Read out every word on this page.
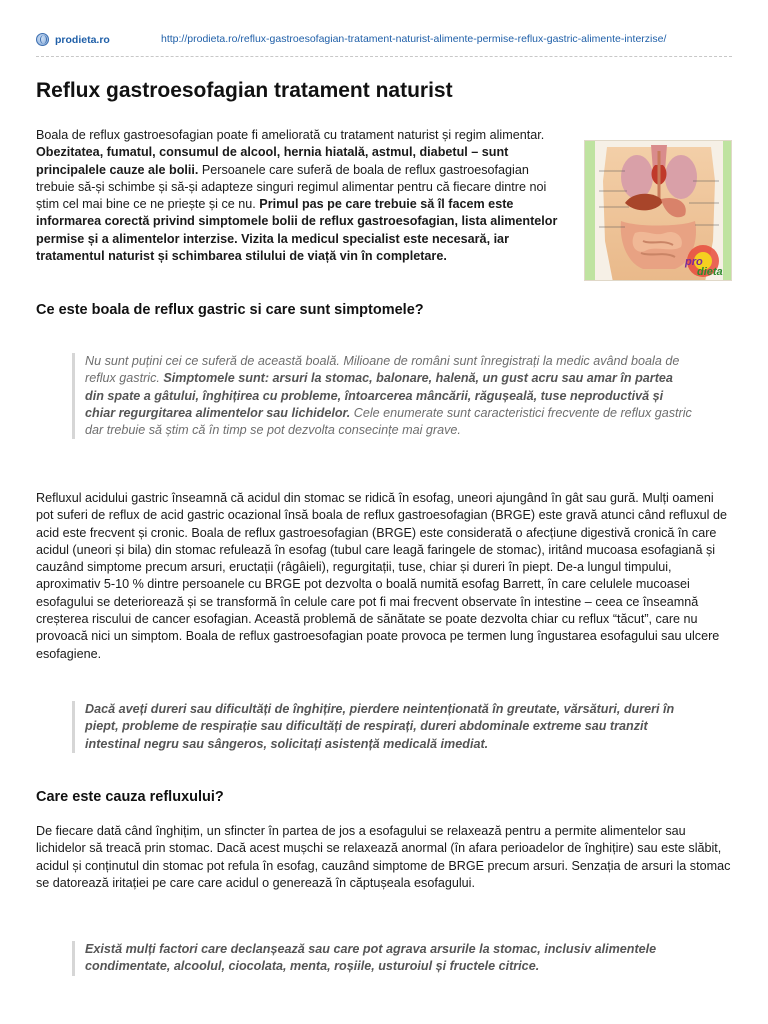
prodieta.ro	http://prodieta.ro/reflux-gastroesofagian-tratament-naturist-alimente-permise-reflux-gastric-alimente-interzise/
Reflux gastroesofagian tratament naturist

Boala de reflux gastroesofagian poate fi ameliorată cu tratament naturist și regim alimentar. Obezitatea, fumatul, consumul de alcool, hernia hiatală, astmul, diabetul – sunt principalele cauze ale bolii. Persoanele care suferă de boala de reflux gastroesofagian trebuie să-și schimbe și să-și adapteze singuri regimul alimentar pentru că fiecare dintre noi știm cel mai bine ce ne priește și ce nu. Primul pas pe care trebuie să îl facem este informarea corectă privind simptomele bolii de reflux gastroesofagian, lista alimentelor permise și a alimentelor interzise. Vizita la medicul specialist este necesară, iar tratamentul naturist și schimbarea stilului de viață vin în completare.	pro
dieta
Ce este boala de reflux gastric si care sunt simptomele?
Nu sunt puțini cei ce suferă de această boală. Milioane de români sunt înregistrați la medic având boala de reflux gastric. Simptomele sunt: arsuri la stomac, balonare, halenă, un gust acru sau amar în partea din spate a gâtului, înghițirea cu probleme, întoarcerea mâncării, răgușeală, tuse neproductivă și chiar regurgitarea alimentelor sau lichidelor. Cele enumerate sunt caracteristici frecvente de reflux gastric dar trebuie să știm că în timp se pot dezvolta consecințe mai grave.

Refluxul acidului gastric înseamnă că acidul din stomac se ridică în esofag, uneori ajungând în gât sau gură. Mulți oameni pot suferi de reflux de acid gastric ocazional însă boala de reflux gastroesofagian (BRGE) este gravă atunci când refluxul de acid este frecvent și cronic. Boala de reflux gastroesofagian (BRGE) este considerată o afecțiune digestivă cronică în care acidul (uneori și bila) din stomac refulează în esofag (tubul care leagă faringele de stomac), iritând mucoasa esofagiană și cauzând simptome precum arsuri, eructații (râgâieli), regurgitații, tuse, chiar și dureri în piept. De-a lungul timpului, aproximativ 5-10 % dintre persoanele cu BRGE pot dezvolta o boală numită esofag Barrett, în care celulele mucoasei esofagului se deteriorează și se transformă în celule care pot fi mai frecvent observate în intestine – ceea ce înseamnă creșterea riscului de cancer esofagian. Această problemă de sănătate se poate dezvolta chiar cu reflux “tăcut”, care nu provoacă nici un simptom. Boala de reflux gastroesofagian poate provoca pe termen lung îngustarea esofagului sau ulcere esofagiene.

Dacă aveți dureri sau dificultăți de înghițire, pierdere neintenționată în greutate, vărsături, dureri în piept, probleme de respirație sau dificultăți de respirați, dureri abdominale extreme sau tranzit intestinal negru sau sângeros, solicitați asistență medicală imediat.
Care este cauza refluxului?

De fiecare dată când înghițim, un sfincter în partea de jos a esofagului se relaxează pentru a permite alimentelor sau lichidelor să treacă prin stomac. Dacă acest mușchi se relaxează anormal (în afara perioadelor de înghițire) sau este slăbit, acidul și conținutul din stomac pot refula în esofag, cauzând simptome de BRGE precum arsuri. Senzația de arsuri la stomac se datorează iritației pe care care acidul o generează în căptușeala esofagului.

Există mulți factori care declanșează sau care pot agrava arsurile la stomac, inclusiv alimentele condimentate, alcoolul, ciocolata, menta, roșiile, usturoiul și fructele citrice.
